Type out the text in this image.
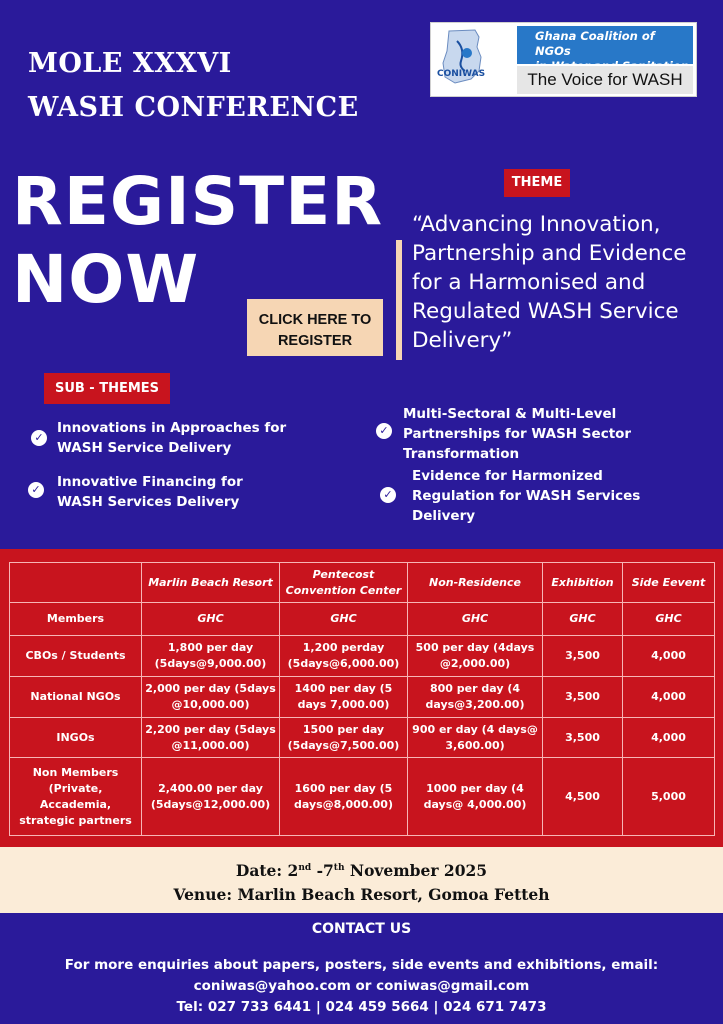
MOLE XXXVI
WASH CONFERENCE
CONIWAS
Ghana Coalition of NGOs
The Voice for WASH
REGISTER
NOW
CLICK HERE TO
REGISTER
THEME
“Advancing Innovation, Partnership and Evidence for a Harmonised and Regulated WASH Service Delivery”
SUB - THEMES
✓
Innovations in Approaches for WASH Service Delivery
✓ Innovative Financing for WASH Services Delivery
✓
Multi-Sectoral & Multi-Level Partnerships for WASH Sector Transformation
✓
Evidence for Harmonized Regulation for WASH Services Delivery
	Marlin Beach Resort	Pentecost Convention Center	Non-Residence	Exhibition	Side Eevent
Members	GHC	GHC	GHC	GHC	GHC
CBOs / Students	1,800 per day (5days@9,000.00)	1,200 perday (5days@6,000.00)	500 per day (4days @2,000.00)	3,500	4,000
National NGOs	2,000 per day (5days @10,000.00)	1400 per day (5 days 7,000.00)	800 per day (4 days@3,200.00)	3,500	4,000
INGOs	2,200 per day (5days @11,000.00)	1500 per day (5days@7,500.00)	900 er day (4 days@ 3,600.00)	3,500	4,000
Non Members (Private, Accademia, strategic partners	2,400.00 per day (5days@12,000.00)	1600 per day (5 days@8,000.00)	1000 per day (4 days@ 4,000.00)	4,500	5,000
Date: 2nd -7th November 2025
Venue: Marlin Beach Resort, Gomoa Fetteh
CONTACT US
For more enquiries about papers, posters, side events and exhibitions, email:
coniwas@yahoo.com or coniwas@gmail.com
Tel: 027 733 6441 | 024 459 5664 | 024 671 7473
